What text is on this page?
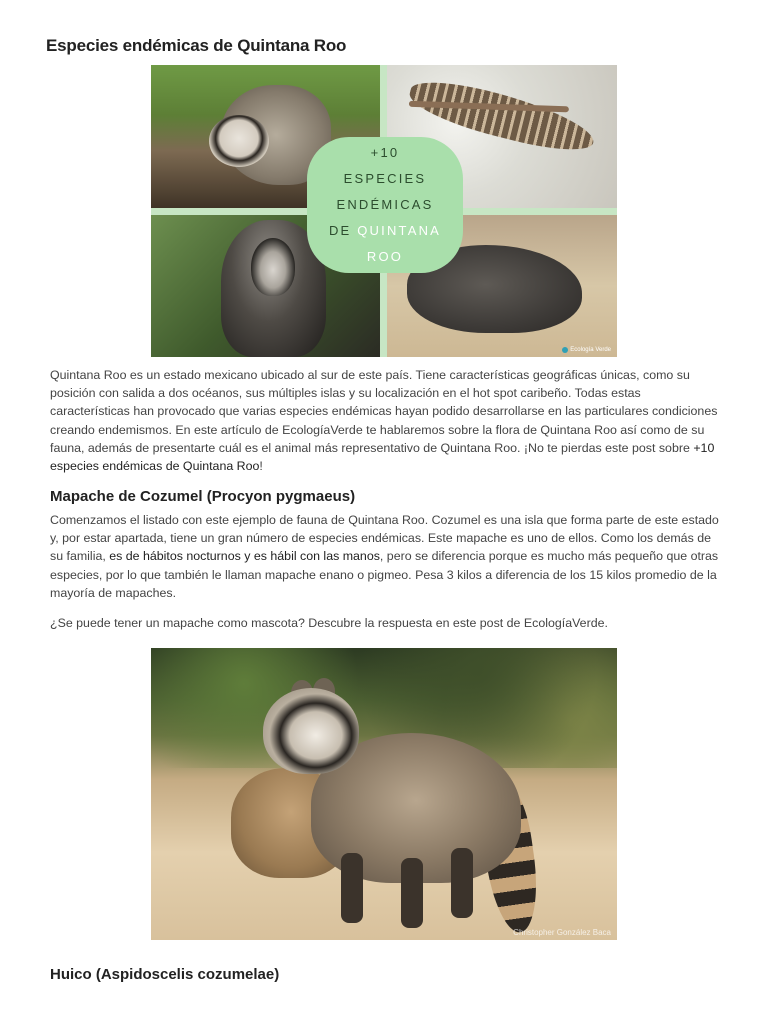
Especies endémicas de Quintana Roo
+10
ESPECIES
ENDÉMICAS
DE QUINTANA
ROO
Ecología Verde

Quintana Roo es un estado mexicano ubicado al sur de este país. Tiene características geográficas únicas, como su posición con salida a dos océanos, sus múltiples islas y su localización en el hot spot caribeño. Todas estas características han provocado que varias especies endémicas hayan podido desarrollarse en las particulares condiciones creando endemismos. En este artículo de EcologíaVerde te hablaremos sobre la flora de Quintana Roo así como de su fauna, además de presentarte cuál es el animal más representativo de Quintana Roo. ¡No te pierdas este post sobre +10 especies endémicas de Quintana Roo!

Mapache de Cozumel (Procyon pygmaeus)

Comenzamos el listado con este ejemplo de fauna de Quintana Roo. Cozumel es una isla que forma parte de este estado y, por estar apartada, tiene un gran número de especies endémicas. Este mapache es uno de ellos. Como los demás de su familia, es de hábitos nocturnos y es hábil con las manos, pero se diferencia porque es mucho más pequeño que otras especies, por lo que también le llaman mapache enano o pigmeo. Pesa 3 kilos a diferencia de los 15 kilos promedio de la mayoría de mapaches.

¿Se puede tener un mapache como mascota? Descubre la respuesta en este post de EcologíaVerde.

Christopher González Baca
Huico (Aspidoscelis cozumelae)
